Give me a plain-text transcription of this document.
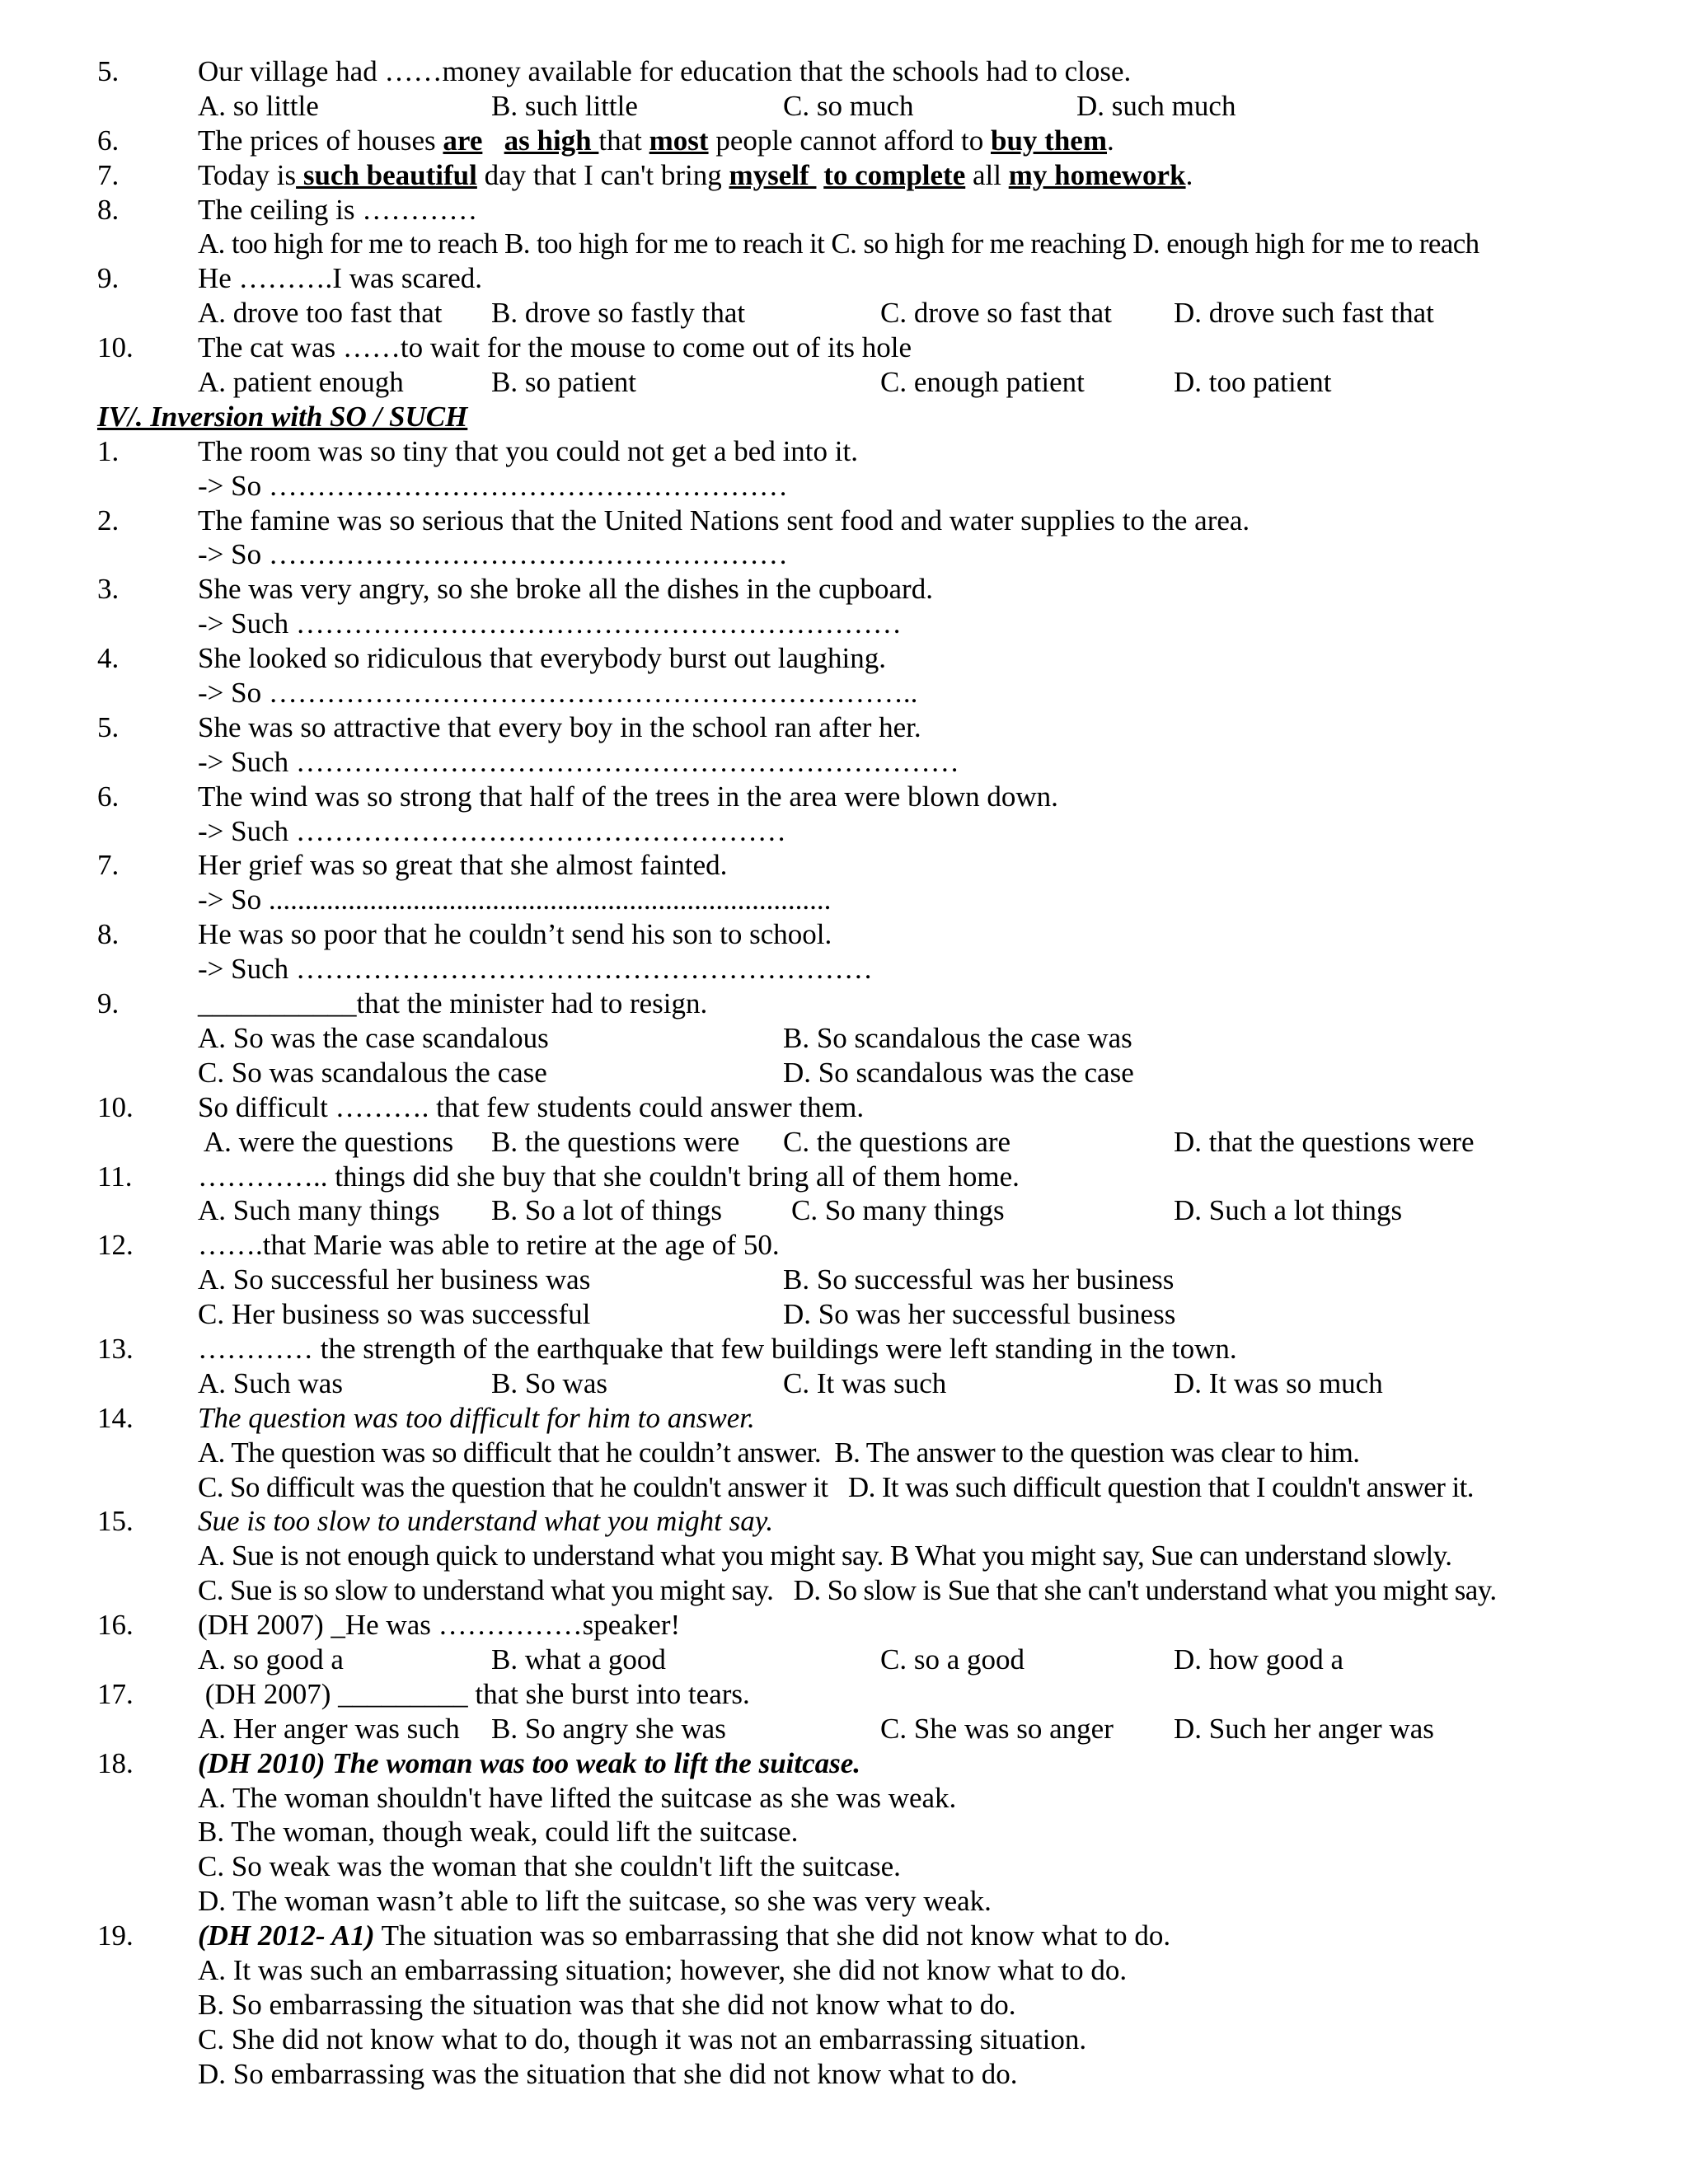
5.	Our village had ……money available for education that the schools had to close.
A. so little	B. such little	C. so much	D. such much
6.	The prices of houses are as high that most people cannot afford to buy them.
7.	Today is such beautiful day that I can't bring myself  to complete all my homework.
8.	The ceiling is …………
A. too high for me to reach B. too high for me to reach it C. so high for me reaching D. enough high for me to reach
9.	He ……….I was scared.
A. drove too fast that B. drove so fastly that	C. drove so fast that D. drove such fast that
10. The cat was ……to wait for the mouse to come out of its hole
A. patient enough	B. so patient	C. enough patient	D. too patient
IV/. Inversion with SO / SUCH
1.	The room was so tiny that you could not get a bed into it.
-> So ………………………………………………
2.	The famine was so serious that the United Nations sent food and water supplies to the area.
-> So ………………………………………………
3.	She was very angry, so she broke all the dishes in the cupboard.
-> Such ………………………………………………………
4.	She looked so ridiculous that everybody burst out laughing.
-> So …………………………………………………………..
5.	She was so attractive that every boy in the school ran after her.
-> Such ……………………………………………………………
6.	The wind was so strong that half of the trees in the area were blown down.
-> Such ……………………………………………
7.	Her grief was so great that she almost fainted.
-> So ..............................................................................
8.	He was so poor that he couldn’t send his son to school.
-> Such ……………………………………………………
9.	___________that the minister had to resign.
A. So was the case scandalous	B. So scandalous the case was
C. So was scandalous the case	D. So scandalous was the case
10. So difficult ………. that few students could answer them.
A. were the questions B. the questions were C. the questions are	D. that the questions were
11. ………….. things did she buy that she couldn't bring all of them home.
A. Such many things B. So a lot of things C. So many things	D. Such a lot things
12. …….that Marie was able to retire at the age of 50.
A. So successful her business was	B. So successful was her business
C. Her business so was successful	D. So was her successful business
13. ………… the strength of the earthquake that few buildings were left standing in the town.
A. Such was	B. So was	C. It was such	D. It was so much
14. The question was too difficult for him to answer.
A. The question was so difficult that he couldn’t answer.  B. The answer to the question was clear to him.
C. So difficult was the question that he couldn't answer it   D. It was such difficult question that I couldn't answer it.
15. Sue is too slow to understand what you might say.
A. Sue is not enough quick to understand what you might say. B What you might say, Sue can understand slowly.
C. Sue is so slow to understand what you might say.   D. So slow is Sue that she can't understand what you might say.
16. (DH 2007) _He was ……………speaker!
A. so good a	B. what a good	C. so a good	D. how good a
17. (DH 2007) _________ that she burst into tears.
A. Her anger was such B. So angry she was	C. She was so anger D. Such her anger was
18. (DH 2010) The woman was too weak to lift the suitcase.
A. The woman shouldn't have lifted the suitcase as she was weak.
B. The woman, though weak, could lift the suitcase.
C. So weak was the woman that she couldn't lift the suitcase.
D. The woman wasn’t able to lift the suitcase, so she was very weak.
19. (DH 2012- A1) The situation was so embarrassing that she did not know what to do.
A. It was such an embarrassing situation; however, she did not know what to do.
B. So embarrassing the situation was that she did not know what to do.
C. She did not know what to do, though it was not an embarrassing situation.
D. So embarrassing was the situation that she did not know what to do.
